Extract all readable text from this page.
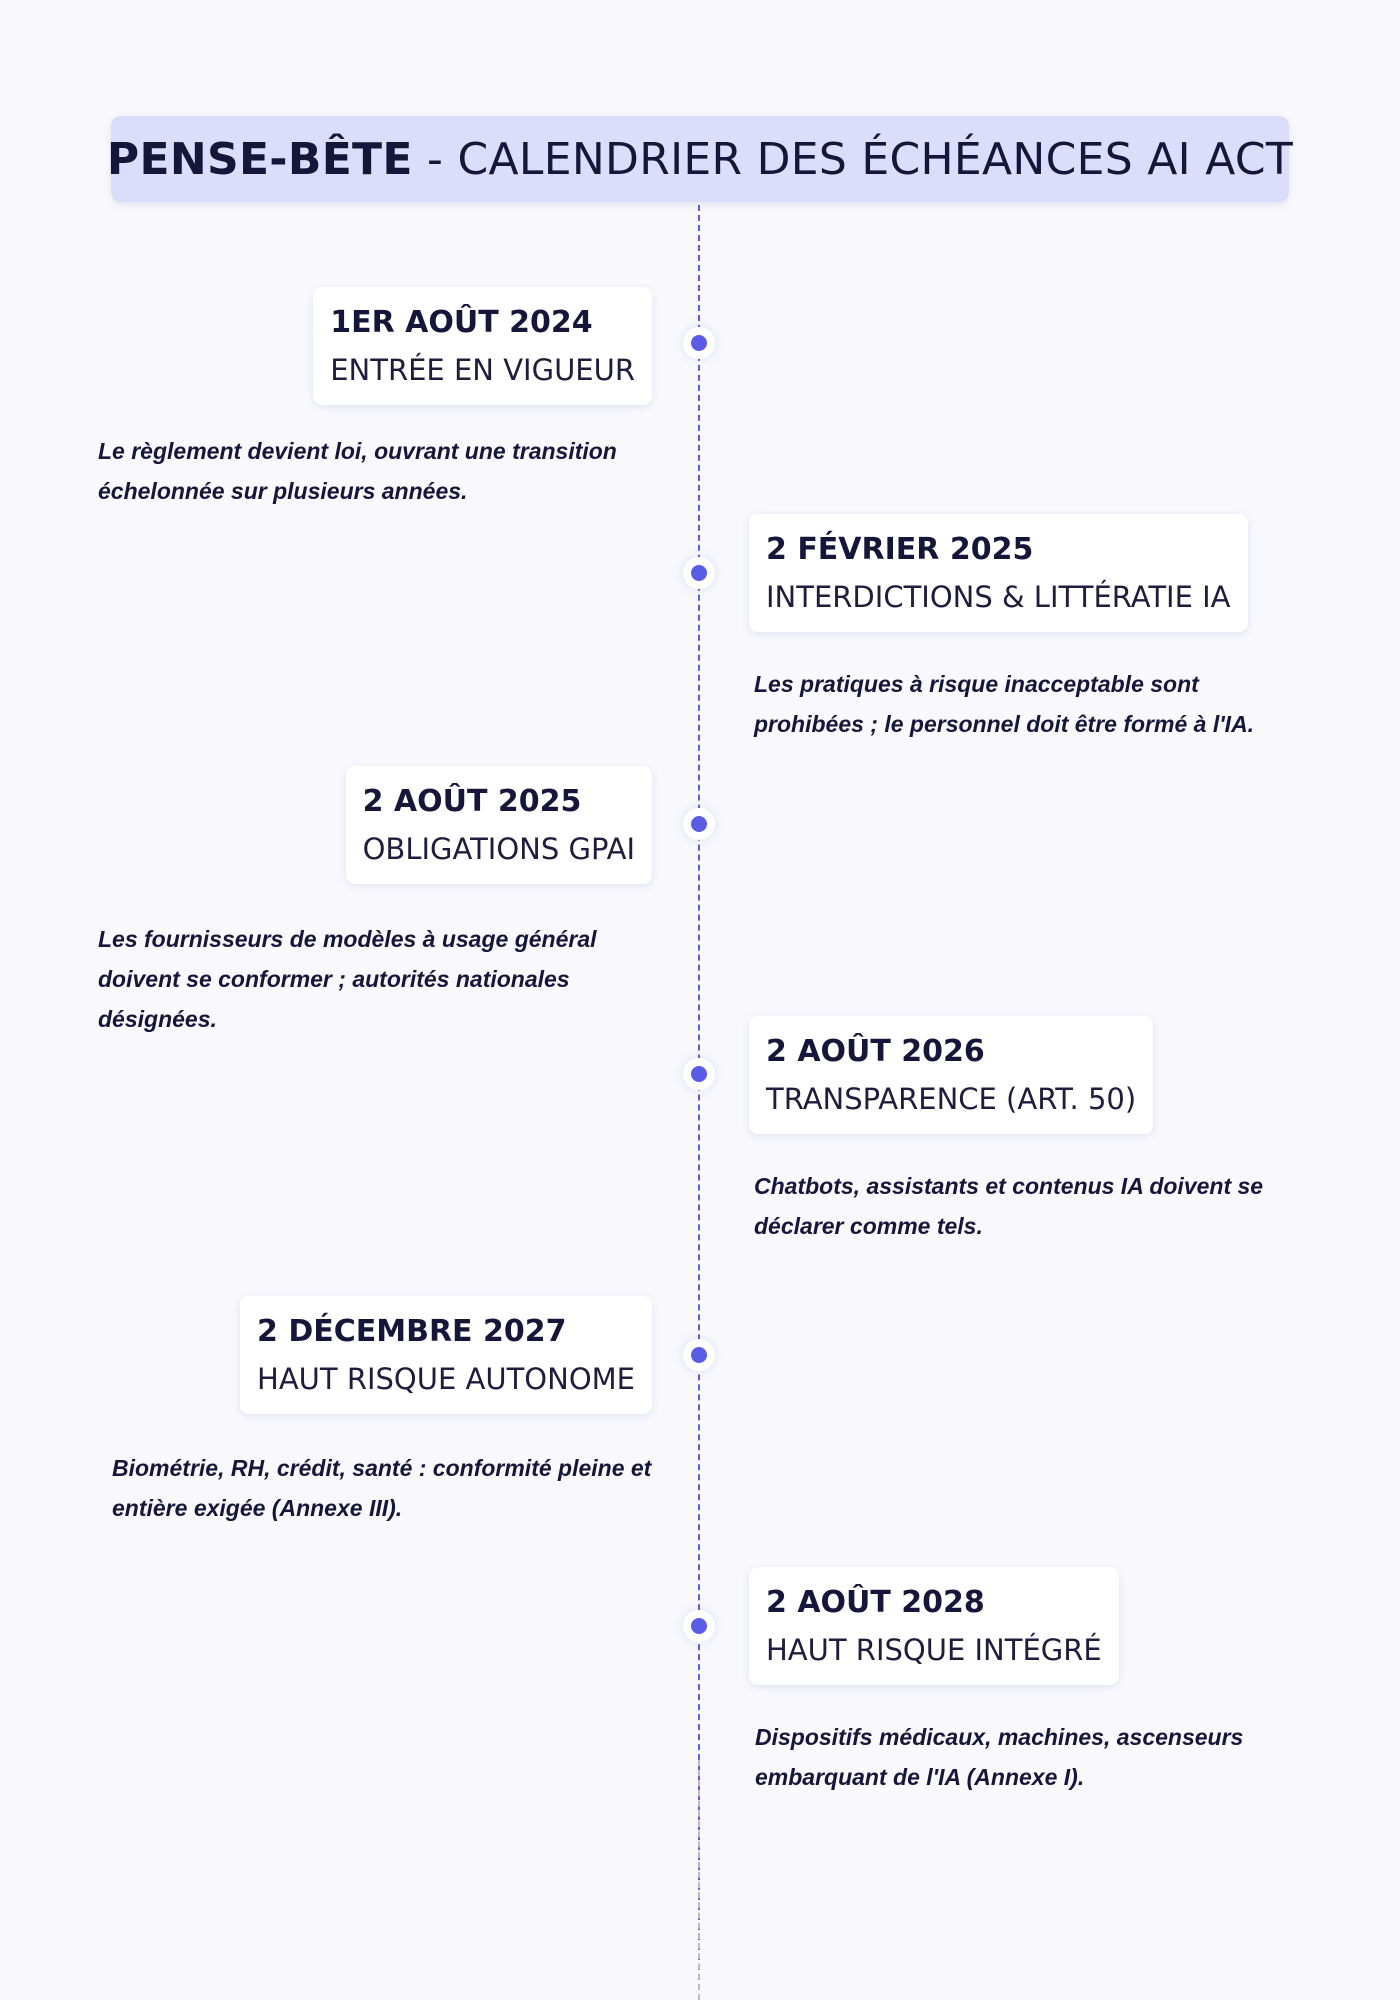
PENSE-BÊTE - CALENDRIER DES ÉCHÉANCES AI ACT
1ER AOÛT 2024
ENTRÉE EN VIGUEUR
Le règlement devient loi, ouvrant une transition échelonnée sur plusieurs années.
2 FÉVRIER 2025
INTERDICTIONS & LITTÉRATIE IA
Les pratiques à risque inacceptable sont prohibées ; le personnel doit être formé à l'IA.
2 AOÛT 2025
OBLIGATIONS GPAI
Les fournisseurs de modèles à usage général doivent se conformer ; autorités nationales désignées.
2 AOÛT 2026
TRANSPARENCE (ART. 50)
Chatbots, assistants et contenus IA doivent se déclarer comme tels.
2 DÉCEMBRE 2027
HAUT RISQUE AUTONOME
Biométrie, RH, crédit, santé : conformité pleine et entière exigée (Annexe III).
2 AOÛT 2028
HAUT RISQUE INTÉGRÉ
Dispositifs médicaux, machines, ascenseurs embarquant de l'IA (Annexe I).
